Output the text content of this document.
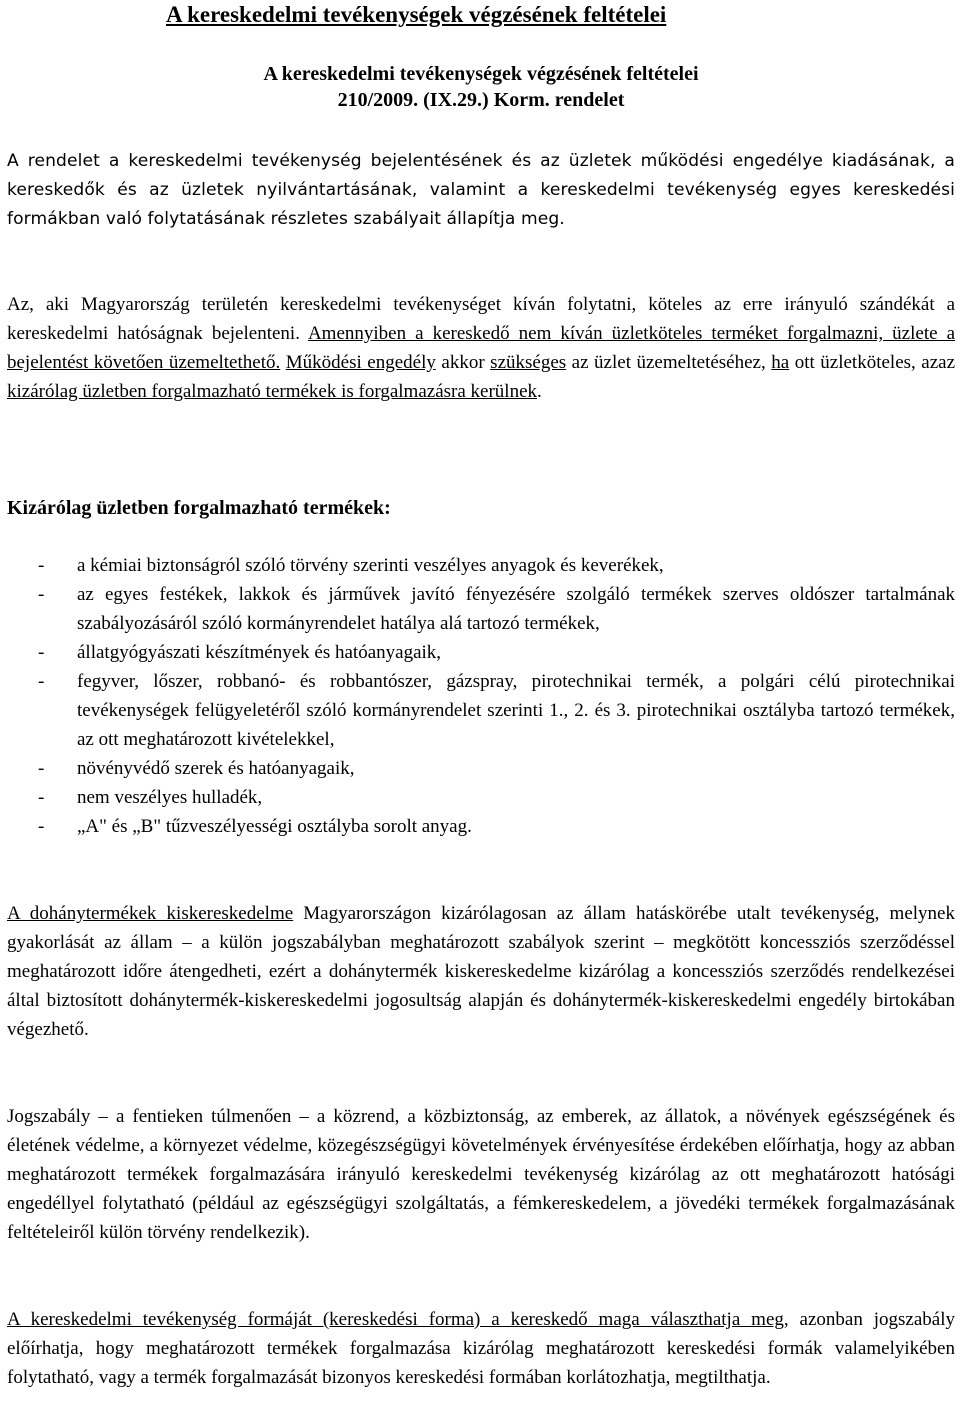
A kereskedelmi tevékenységek végzésének feltételei
A kereskedelmi tevékenységek végzésének feltételei
210/2009. (IX.29.) Korm. rendelet

A rendelet a kereskedelmi tevékenység bejelentésének és az üzletek működési engedélye kiadásának, a kereskedők és az üzletek nyilvántartásának, valamint a kereskedelmi tevékenység egyes kereskedési formákban való folytatásának részletes szabályait állapítja meg.

Az, aki Magyarország területén kereskedelmi tevékenységet kíván folytatni, köteles az erre irányuló szándékát a kereskedelmi hatóságnak bejelenteni. Amennyiben a kereskedő nem kíván üzletköteles terméket forgalmazni, üzlete a bejelentést követően üzemeltethető. Működési engedély akkor szükséges az üzlet üzemeltetéséhez, ha ott üzletköteles, azaz kizárólag üzletben forgalmazható termékek is forgalmazásra kerülnek.

Kizárólag üzletben forgalmazható termékek:
- a kémiai biztonságról szóló törvény szerinti veszélyes anyagok és keverékek,
- az egyes festékek, lakkok és járművek javító fényezésére szolgáló termékek szerves oldószer tartalmának szabályozásáról szóló kormányrendelet hatálya alá tartozó termékek,
- állatgyógyászati készítmények és hatóanyagaik,
- fegyver, lőszer, robbanó- és robbantószer, gázspray, pirotechnikai termék, a polgári célú pirotechnikai tevékenységek felügyeletéről szóló kormányrendelet szerinti 1., 2. és 3. pirotechnikai osztályba tartozó termékek, az ott meghatározott kivételekkel,
- növényvédő szerek és hatóanyagaik,
- nem veszélyes hulladék,
- „A" és „B" tűzveszélyességi osztályba sorolt anyag.

A dohánytermékek kiskereskedelme Magyarországon kizárólagosan az állam hatáskörébe utalt tevékenység, melynek gyakorlását az állam – a külön jogszabályban meghatározott szabályok szerint – megkötött koncessziós szerződéssel meghatározott időre átengedheti, ezért a dohánytermék kiskereskedelme kizárólag a koncessziós szerződés rendelkezései által biztosított dohánytermék-kiskereskedelmi jogosultság alapján és dohánytermék-kiskereskedelmi engedély birtokában végezhető.

Jogszabály – a fentieken túlmenően – a közrend, a közbiztonság, az emberek, az állatok, a növények egészségének és életének védelme, a környezet védelme, közegészségügyi követelmények érvényesítése érdekében előírhatja, hogy az abban meghatározott termékek forgalmazására irányuló kereskedelmi tevékenység kizárólag az ott meghatározott hatósági engedéllyel folytatható (például az egészségügyi szolgáltatás, a fémkereskedelem, a jövedéki termékek forgalmazásának feltételeiről külön törvény rendelkezik).

A kereskedelmi tevékenység formáját (kereskedési forma) a kereskedő maga választhatja meg, azonban jogszabály előírhatja, hogy meghatározott termékek forgalmazása kizárólag meghatározott kereskedési formák valamelyikében folytatható, vagy a termék forgalmazását bizonyos kereskedési formában korlátozhatja, megtilthatja.
